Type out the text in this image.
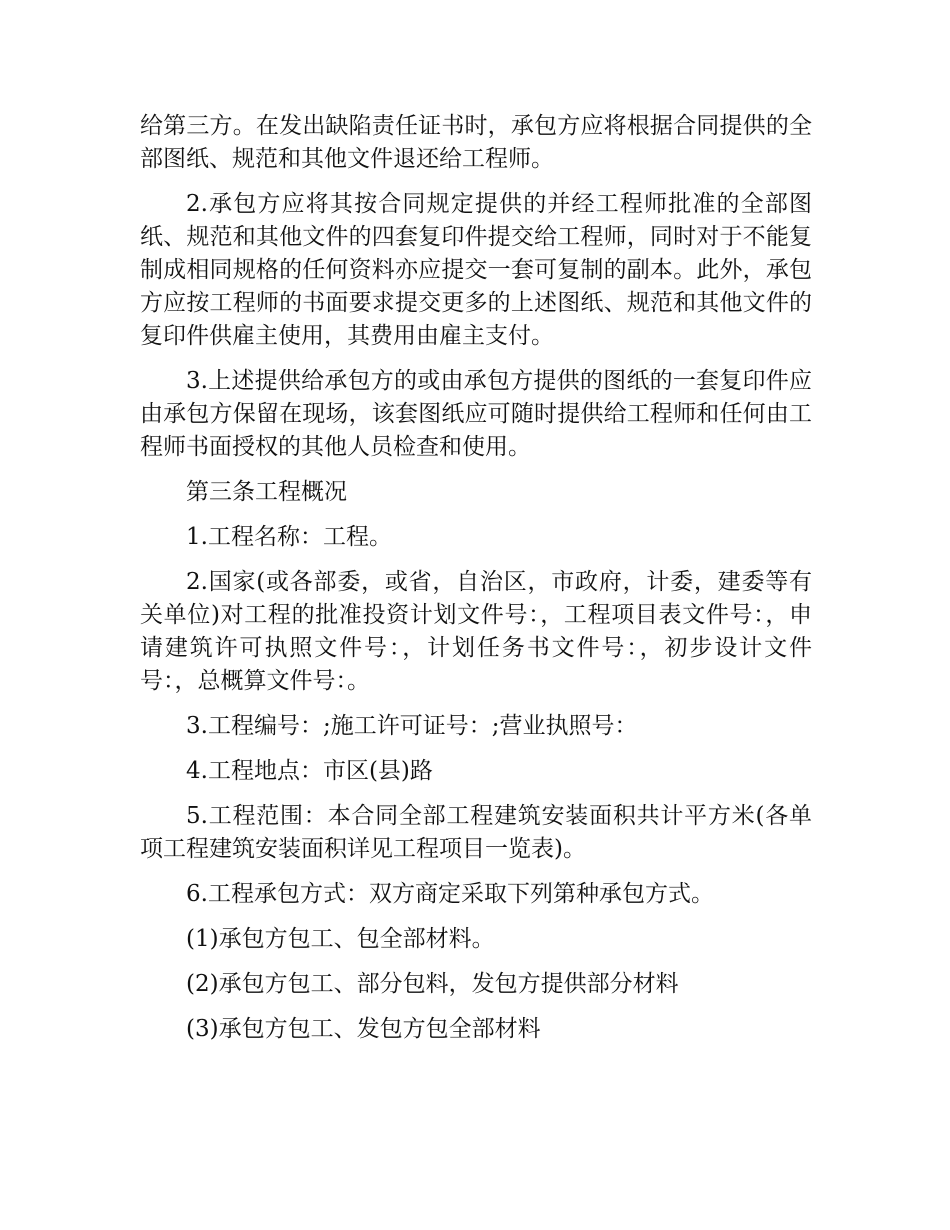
给第三方。在发出缺陷责任证书时，承包方应将根据合同提供的全部图纸、规范和其他文件退还给工程师。

2.承包方应将其按合同规定提供的并经工程师批准的全部图纸、规范和其他文件的四套复印件提交给工程师，同时对于不能复制成相同规格的任何资料亦应提交一套可复制的副本。此外，承包方应按工程师的书面要求提交更多的上述图纸、规范和其他文件的复印件供雇主使用，其费用由雇主支付。

3.上述提供给承包方的或由承包方提供的图纸的一套复印件应由承包方保留在现场，该套图纸应可随时提供给工程师和任何由工程师书面授权的其他人员检查和使用。

第三条工程概况

1.工程名称：工程。

2.国家(或各部委，或省，自治区，市政府，计委，建委等有关单位)对工程的批准投资计划文件号：，工程项目表文件号：，申请建筑许可执照文件号：，计划任务书文件号：，初步设计文件号：，总概算文件号：。

3.工程编号：;施工许可证号：;营业执照号：

4.工程地点：市区(县)路

5.工程范围：本合同全部工程建筑安装面积共计平方米(各单项工程建筑安装面积详见工程项目一览表)。

6.工程承包方式：双方商定采取下列第种承包方式。

(1)承包方包工、包全部材料。

(2)承包方包工、部分包料，发包方提供部分材料

(3)承包方包工、发包方包全部材料
